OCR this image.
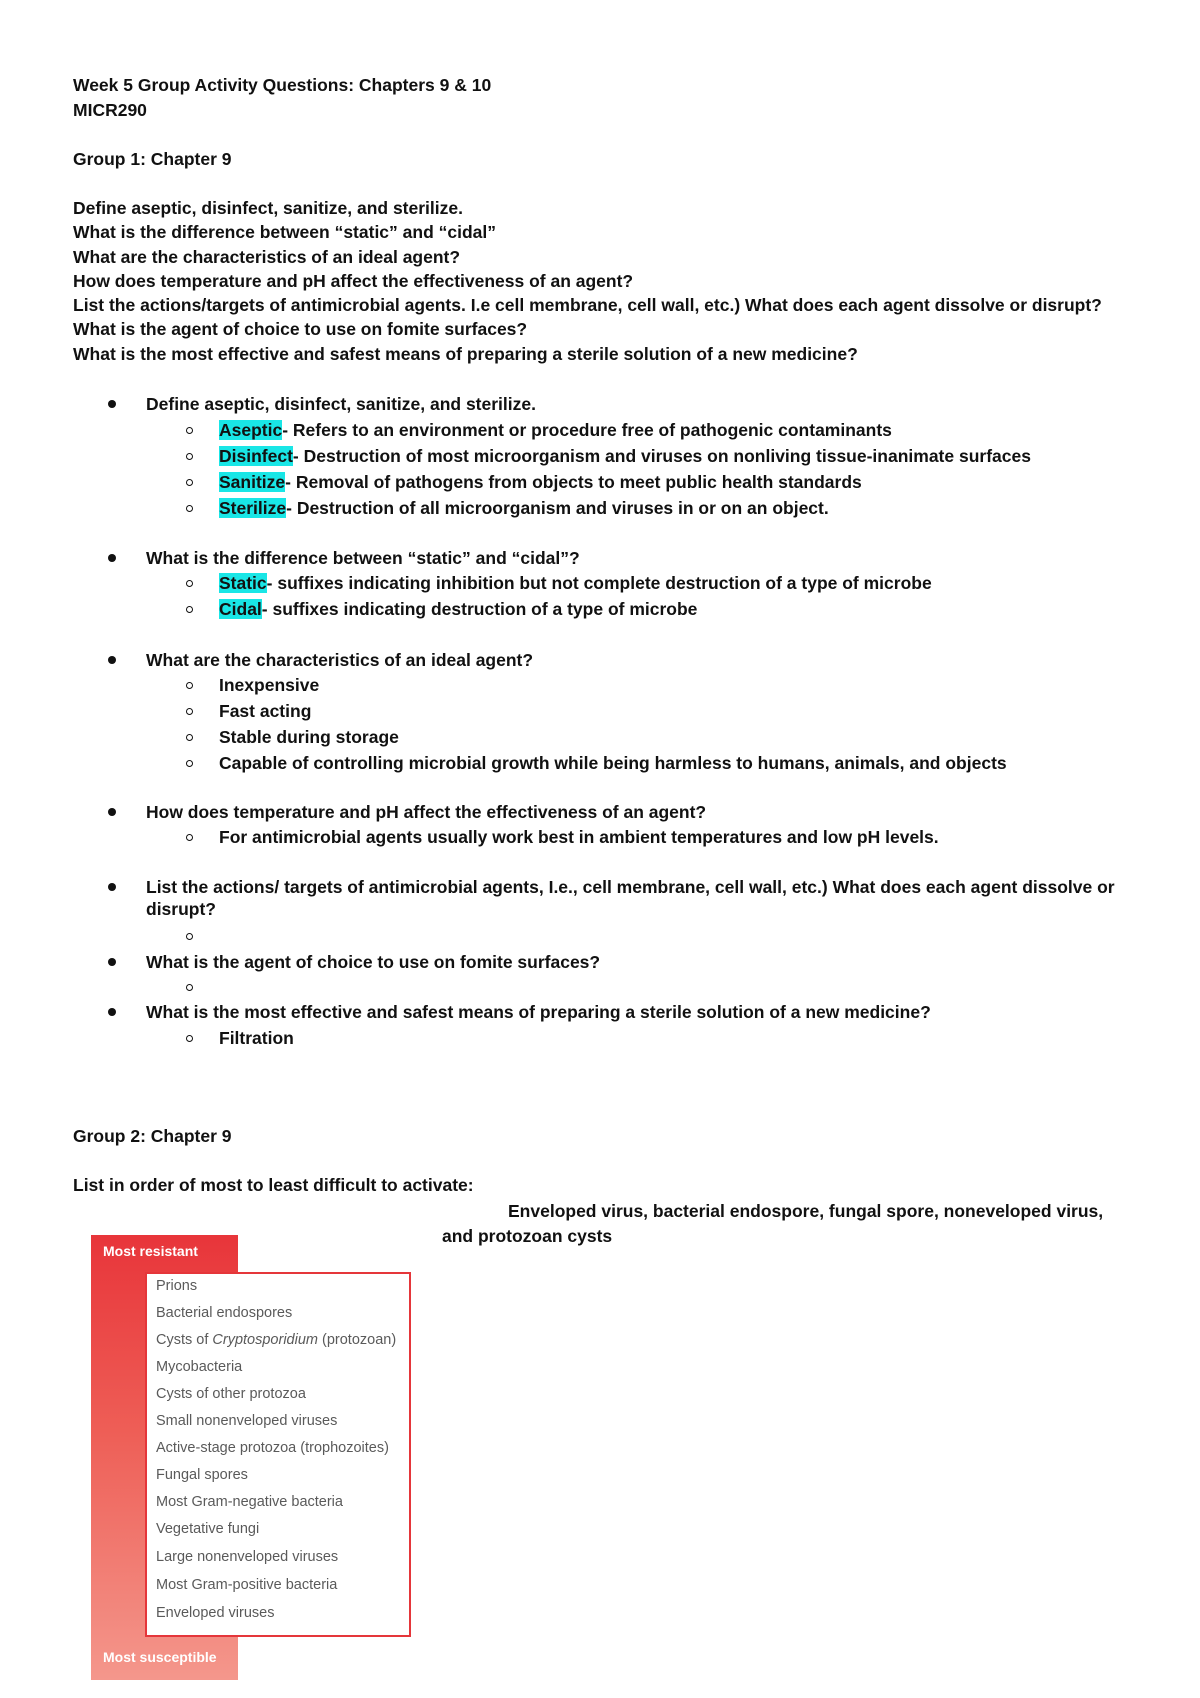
Week 5 Group Activity Questions: Chapters 9 & 10
MICR290
Group 1: Chapter 9
Define aseptic, disinfect, sanitize, and sterilize.
What is the difference between “static” and “cidal”
What are the characteristics of an ideal agent?
How does temperature and pH affect the effectiveness of an agent?
List the actions/targets of antimicrobial agents. I.e cell membrane, cell wall, etc.) What does each agent dissolve or disrupt?
What is the agent of choice to use on fomite surfaces?
What is the most effective and safest means of preparing a sterile solution of a new medicine?
Define aseptic, disinfect, sanitize, and sterilize.
Aseptic- Refers to an environment or procedure free of pathogenic contaminants
Disinfect- Destruction of most microorganism and viruses on nonliving tissue-inanimate surfaces
Sanitize- Removal of pathogens from objects to meet public health standards
Sterilize- Destruction of all microorganism and viruses in or on an object.
What is the difference between “static” and “cidal”?
Static- suffixes indicating inhibition but not complete destruction of a type of microbe
Cidal- suffixes indicating destruction of a type of microbe
What are the characteristics of an ideal agent?
Inexpensive
Fast acting
Stable during storage
Capable of controlling microbial growth while being harmless to humans, animals, and objects
How does temperature and pH affect the effectiveness of an agent?
For antimicrobial agents usually work best in ambient temperatures and low pH levels.
List the actions/ targets of antimicrobial agents, I.e., cell membrane, cell wall, etc.) What does each agent dissolve or disrupt?
What is the agent of choice to use on fomite surfaces?
What is the most effective and safest means of preparing a sterile solution of a new medicine?
Filtration
Group 2: Chapter 9
List in order of most to least difficult to activate:
Enveloped virus, bacterial endospore, fungal spore, noneveloped virus,
and protozoan cysts
Most resistant
Most susceptible
Prions
Bacterial endospores
Cysts of Cryptosporidium (protozoan)
Mycobacteria
Cysts of other protozoa
Small nonenveloped viruses
Active-stage protozoa (trophozoites)
Fungal spores
Most Gram-negative bacteria
Vegetative fungi
Large nonenveloped viruses
Most Gram-positive bacteria
Enveloped viruses
